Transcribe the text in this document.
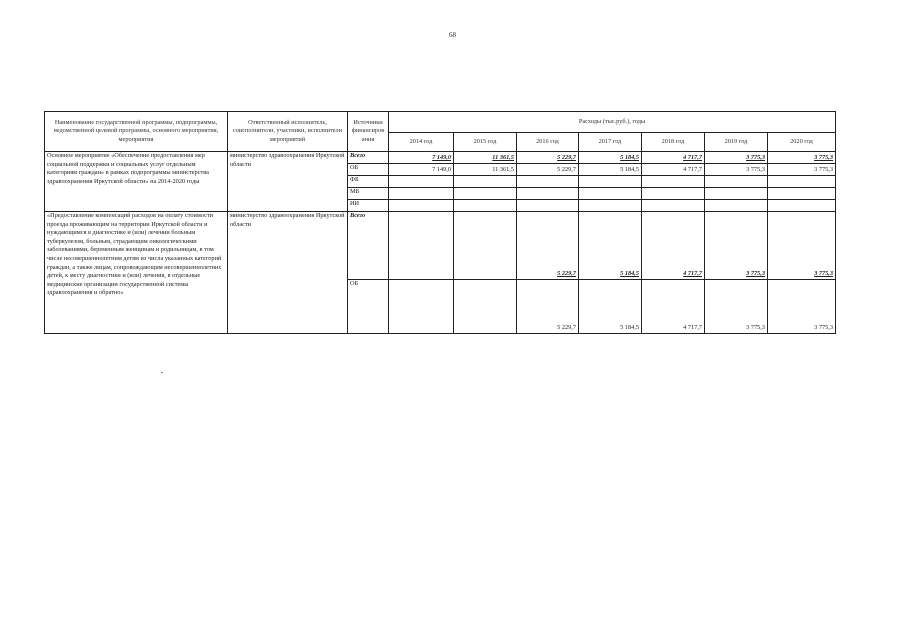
68
Наименование государственной программы, подпрограммы, ведомственной целевой программы, основного мероприятия, мероприятия	Ответственный исполнитель, соисполнители, участники, исполнители мероприятий	Источники финансиров ания	Расходы (тыс.руб.), годы						
			2014 год	2015 год	2016 год	2017 год	2018 год	2019 год	2020 год
Основное мероприятие «Обеспечение предоставления мер социальной поддержки и социальных услуг отдельным категориям граждан» в рамках подпрограммы министерства здравоохранения Иркутской области» на 2014-2020 годы	министерство здравоохранения Иркутской области	Всего	7 149,0	11 361,5	5 229,7	5 184,5	4 717,7	3 775,3	3 775,3
		ОБ	7 149,0	11 361,5	5 229,7	5 184,5	4 717,7	3 775,3	3 775,3
		ФБ							
		МБ							
		ИИ							
«Предоставление компенсаций расходов на оплату стоимости проезда проживающим на территории Иркутской области и нуждающимся в диагностике и (или) лечении больным туберкулезом, больным, страдающим онкологическими заболеваниями, беременным женщинам и родильницам, в том числе несовершеннолетним детям из числа указанных категорий граждан, а также лицам, сопровождающим несовершеннолетних детей, к месту диагностики и (или) лечения, в отдельные медицинские организации государственной системы здравоохранения и обратно»	министерство здравоохранения Иркутской области	Всего			5 229,7	5 184,5	4 717,7	3 775,3	3 775,3
		ОБ			5 229,7	5 184,5	4 717,7	3 775,3	3 775,3
